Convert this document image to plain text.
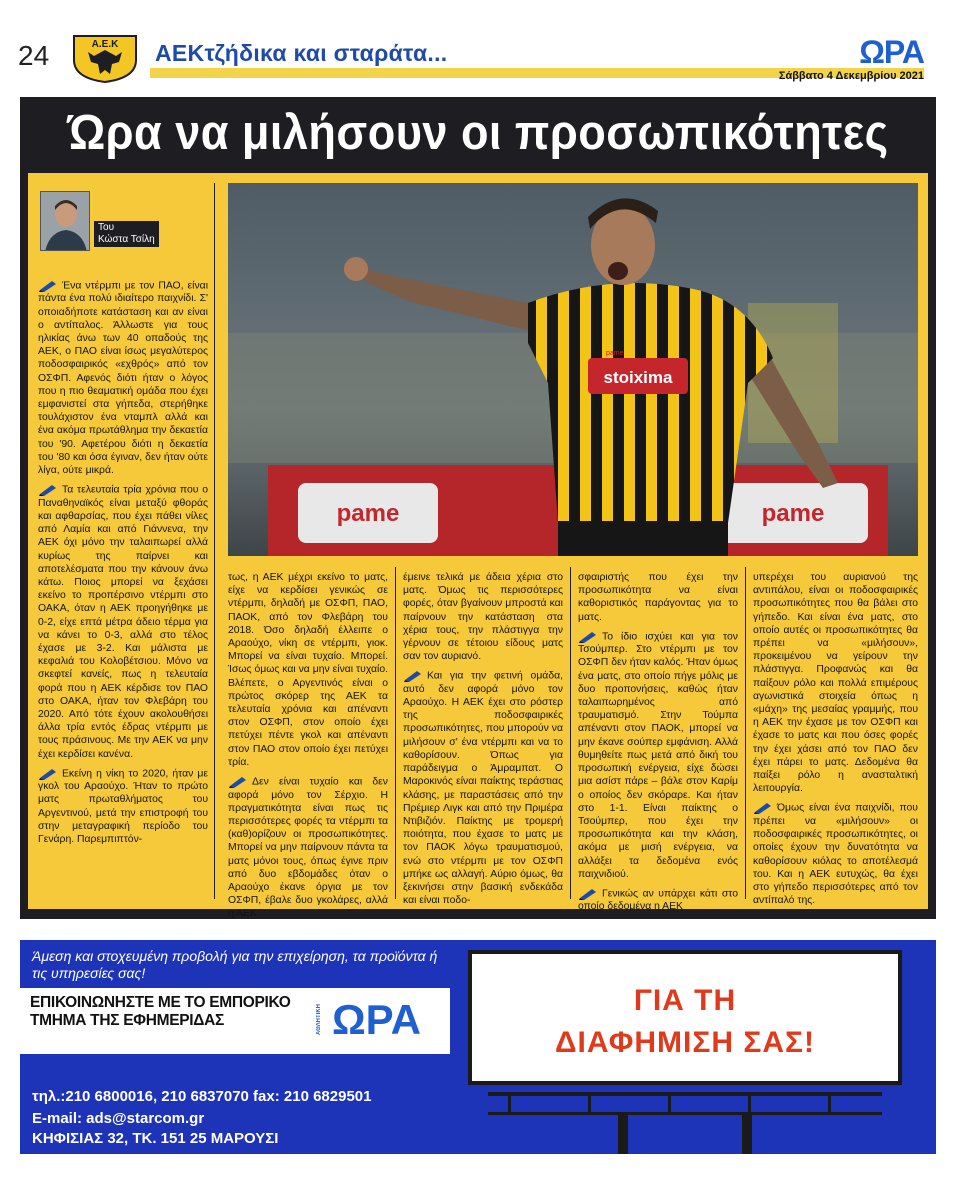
24	Α.Ε.Κ ΑΕΚτζήδικα και σταράτα...	ΩΡΑ
Σάββατο 4 Δεκεμβρίου 2021
Ώρα να μιλήσουν οι προσωπικότητες
Του
Κώστα Τσίλη
pame	pame
stoixima
pame

Ένα ντέρμπι με τον ΠΑΟ, είναι πάντα ένα πολύ ιδιαίτερο παιχνίδι. Σ' οποιαδήποτε κατάσταση και αν είναι ο αντίπαλος. Άλλωστε για τους ηλικίας άνω των 40 οπαδούς της ΑΕΚ, ο ΠΑΟ είναι ίσως μεγαλύτερος ποδοσφαιρικός «εχθρός» από τον ΟΣΦΠ. Αφενός διότι ήταν ο λόγος που η πιο θεαματική ομάδα που έχει εμφανιστεί στα γήπεδα, στερήθηκε τουλάχιστον ένα νταμπλ αλλά και ένα ακόμα πρωτάθλημα την δεκαετία του '90. Αφετέρου διότι η δεκαετία του '80 και όσα έγιναν, δεν ήταν ούτε λίγα, ούτε μικρά.

Τα τελευταία τρία χρόνια που ο Παναθηναϊκός είναι μεταξύ φθοράς και αφθαρσίας, που έχει πάθει νίλες από Λαμία και από Γιάννενα, την ΑΕΚ όχι μόνο την ταλαιπωρεί αλλά κυρίως της παίρνει και αποτελέσματα που την κάνουν άνω κάτω. Ποιος μπορεί να ξεχάσει εκείνο το προπέρσινο ντέρμπι στο ΟΑΚΑ, όταν η ΑΕΚ προηγήθηκε με 0-2, είχε επτά μέτρα άδειο τέρμα για να κάνει το 0-3, αλλά στο τέλος έχασε με 3-2. Και μάλιστα με κεφαλιά του Κολοβέτσιου. Μόνο να σκεφτεί κανείς, πως η τελευταία φορά που η ΑΕΚ κέρδισε τον ΠΑΟ στο ΟΑΚΑ, ήταν τον Φλεβάρη του 2020. Από τότε έχουν ακολουθήσει άλλα τρία εντός έδρας ντέρμπι με τους πράσινους. Με την ΑΕΚ να μην έχει κερδίσει κανένα.

Εκείνη η νίκη το 2020, ήταν με γκολ του Αραούχο. Ήταν το πρώτο ματς πρωταθλήματος του Αργεντινού, μετά την επιστροφή του στην μεταγραφική περίοδο του Γενάρη. Παρεμπιπτόν-

τως, η ΑΕΚ μέχρι εκείνο το ματς, είχε να κερδίσει γενικώς σε ντέρμπι, δηλαδή με ΟΣΦΠ, ΠΑΟ, ΠΑΟΚ, από τον Φλεβάρη του 2018. Όσο δηλαδή έλλειπε ο Αραούχο, νίκη σε ντέρμπι, γιοκ. Μπορεί να είναι τυχαίο. Μπορεί. Ίσως όμως και να μην είναι τυχαίο. Βλέπετε, ο Αργεντινός είναι ο πρώτος σκόρερ της ΑΕΚ τα τελευταία χρόνια και απέναντι στον ΟΣΦΠ, στον οποίο έχει πετύχει πέντε γκολ και απέναντι στον ΠΑΟ στον οποίο έχει πετύχει τρία.

Δεν είναι τυχαίο και δεν αφορά μόνο τον Σέρχιο. Η πραγματικότητα είναι πως τις περισσότερες φορές τα ντέρμπι τα (καθ)ορίζουν οι προσωπικότητες. Μπορεί να μην παίρνουν πάντα τα ματς μόνοι τους, όπως έγινε πριν από δυο εβδομάδες όταν ο Αραούχο έκανε όργια με τον ΟΣΦΠ, έβαλε δυο γκολάρες, αλλά η ΑΕΚ

έμεινε τελικά με άδεια χέρια στο ματς. Όμως τις περισσότερες φορές, όταν βγαίνουν μπροστά και παίρνουν την κατάσταση στα χέρια τους, την πλάστιγγα την γέρνουν σε τέτοιου είδους ματς σαν τον αυριανό.

Και για την φετινή ομάδα, αυτό δεν αφορά μόνο τον Αραούχο. Η ΑΕΚ έχει στο ρόστερ της ποδοσφαιρικές προσωπικότητες, που μπορούν να μιλήσουν σ' ένα ντέρμπι και να το καθορίσουν. Όπως για παράδειγμα ο Άμραμπατ. Ο Μαροκινός είναι παίκτης τεράστιας κλάσης, με παραστάσεις από την Πρέμιερ Λιγκ και από την Πριμέρα Ντιβιζιόν. Παίκτης με τρομερή ποιότητα, που έχασε το ματς με τον ΠΑΟΚ λόγω τραυματισμού, ενώ στο ντέρμπι με τον ΟΣΦΠ μπήκε ως αλλαγή. Αύριο όμως, θα ξεκινήσει στην βασική ενδεκάδα και είναι ποδο-

σφαιριστής που έχει την προσωπικότητα να είναι καθοριστικός παράγοντας για το ματς.

Το ίδιο ισχύει και για τον Τσούμπερ. Στο ντέρμπι με τον ΟΣΦΠ δεν ήταν καλός. Ήταν όμως ένα ματς, στο οποίο πήγε μόλις με δυο προπονήσεις, καθώς ήταν ταλαιπωρημένος από τραυματισμό. Στην Τούμπα απέναντι στον ΠΑΟΚ, μπορεί να μην έκανε σούπερ εμφάνιση. Αλλά θυμηθείτε πως μετά από δική του προσωπική ενέργεια, είχε δώσει μια ασίστ πάρε – βάλε στον Καρίμ ο οποίος δεν σκόραρε. Και ήταν στο 1-1. Είναι παίκτης ο Τσούμπερ, που έχει την προσωπικότητα και την κλάση, ακόμα με μισή ενέργεια, να αλλάξει τα δεδομένα ενός παιχνιδιού.

Γενικώς αν υπάρχει κάτι στο οποίο δεδομένα η ΑΕΚ

υπερέχει του αυριανού της αντιπάλου, είναι οι ποδοσφαιρικές προσωπικότητες που θα βάλει στο γήπεδο. Και είναι ένα ματς, στο οποίο αυτές οι προσωπικότητες θα πρέπει να «μιλήσουν», προκειμένου να γείρουν την πλάστιγγα. Προφανώς και θα παίξουν ρόλο και πολλά επιμέρους αγωνιστικά στοιχεία όπως η «μάχη» της μεσαίας γραμμής, που η ΑΕΚ την έχασε με τον ΟΣΦΠ και έχασε το ματς και που όσες φορές την έχει χάσει από τον ΠΑΟ δεν έχει πάρει το ματς. Δεδομένα θα παίξει ρόλο η ανασταλτική λειτουργία.

Όμως είναι ένα παιχνίδι, που πρέπει να «μιλήσουν» οι ποδοσφαιρικές προσωπικότητες, οι οποίες έχουν την δυνατότητα να καθορίσουν κιόλας το αποτέλεσμά του. Και η ΑΕΚ ευτυχώς, θα έχει στο γήπεδο περισσότερες από τον αντίπαλό της.

Άμεση και στοχευμένη προβολή για την επιχείρηση, τα προϊόντα ή τις υπηρεσίες σας!
ΕΠΙΚΟΙΝΩΝΗΣΤΕ ΜΕ ΤΟ ΕΜΠΟΡΙΚΟ ΤΜΗΜΑ ΤΗΣ ΕΦΗΜΕΡΙΔΑΣ	ΑΘΛΗΤΙΚΗ ΩΡΑ
τηλ.:210 6800016, 210 6837070 fax: 210 6829501
E-mail: ads@starcom.gr
ΚΗΦΙΣΙΑΣ 32, ΤΚ. 151 25 ΜΑΡΟΥΣΙ
ΓΙΑ ΤΗ
ΔΙΑΦΗΜΙΣΗ ΣΑΣ!
